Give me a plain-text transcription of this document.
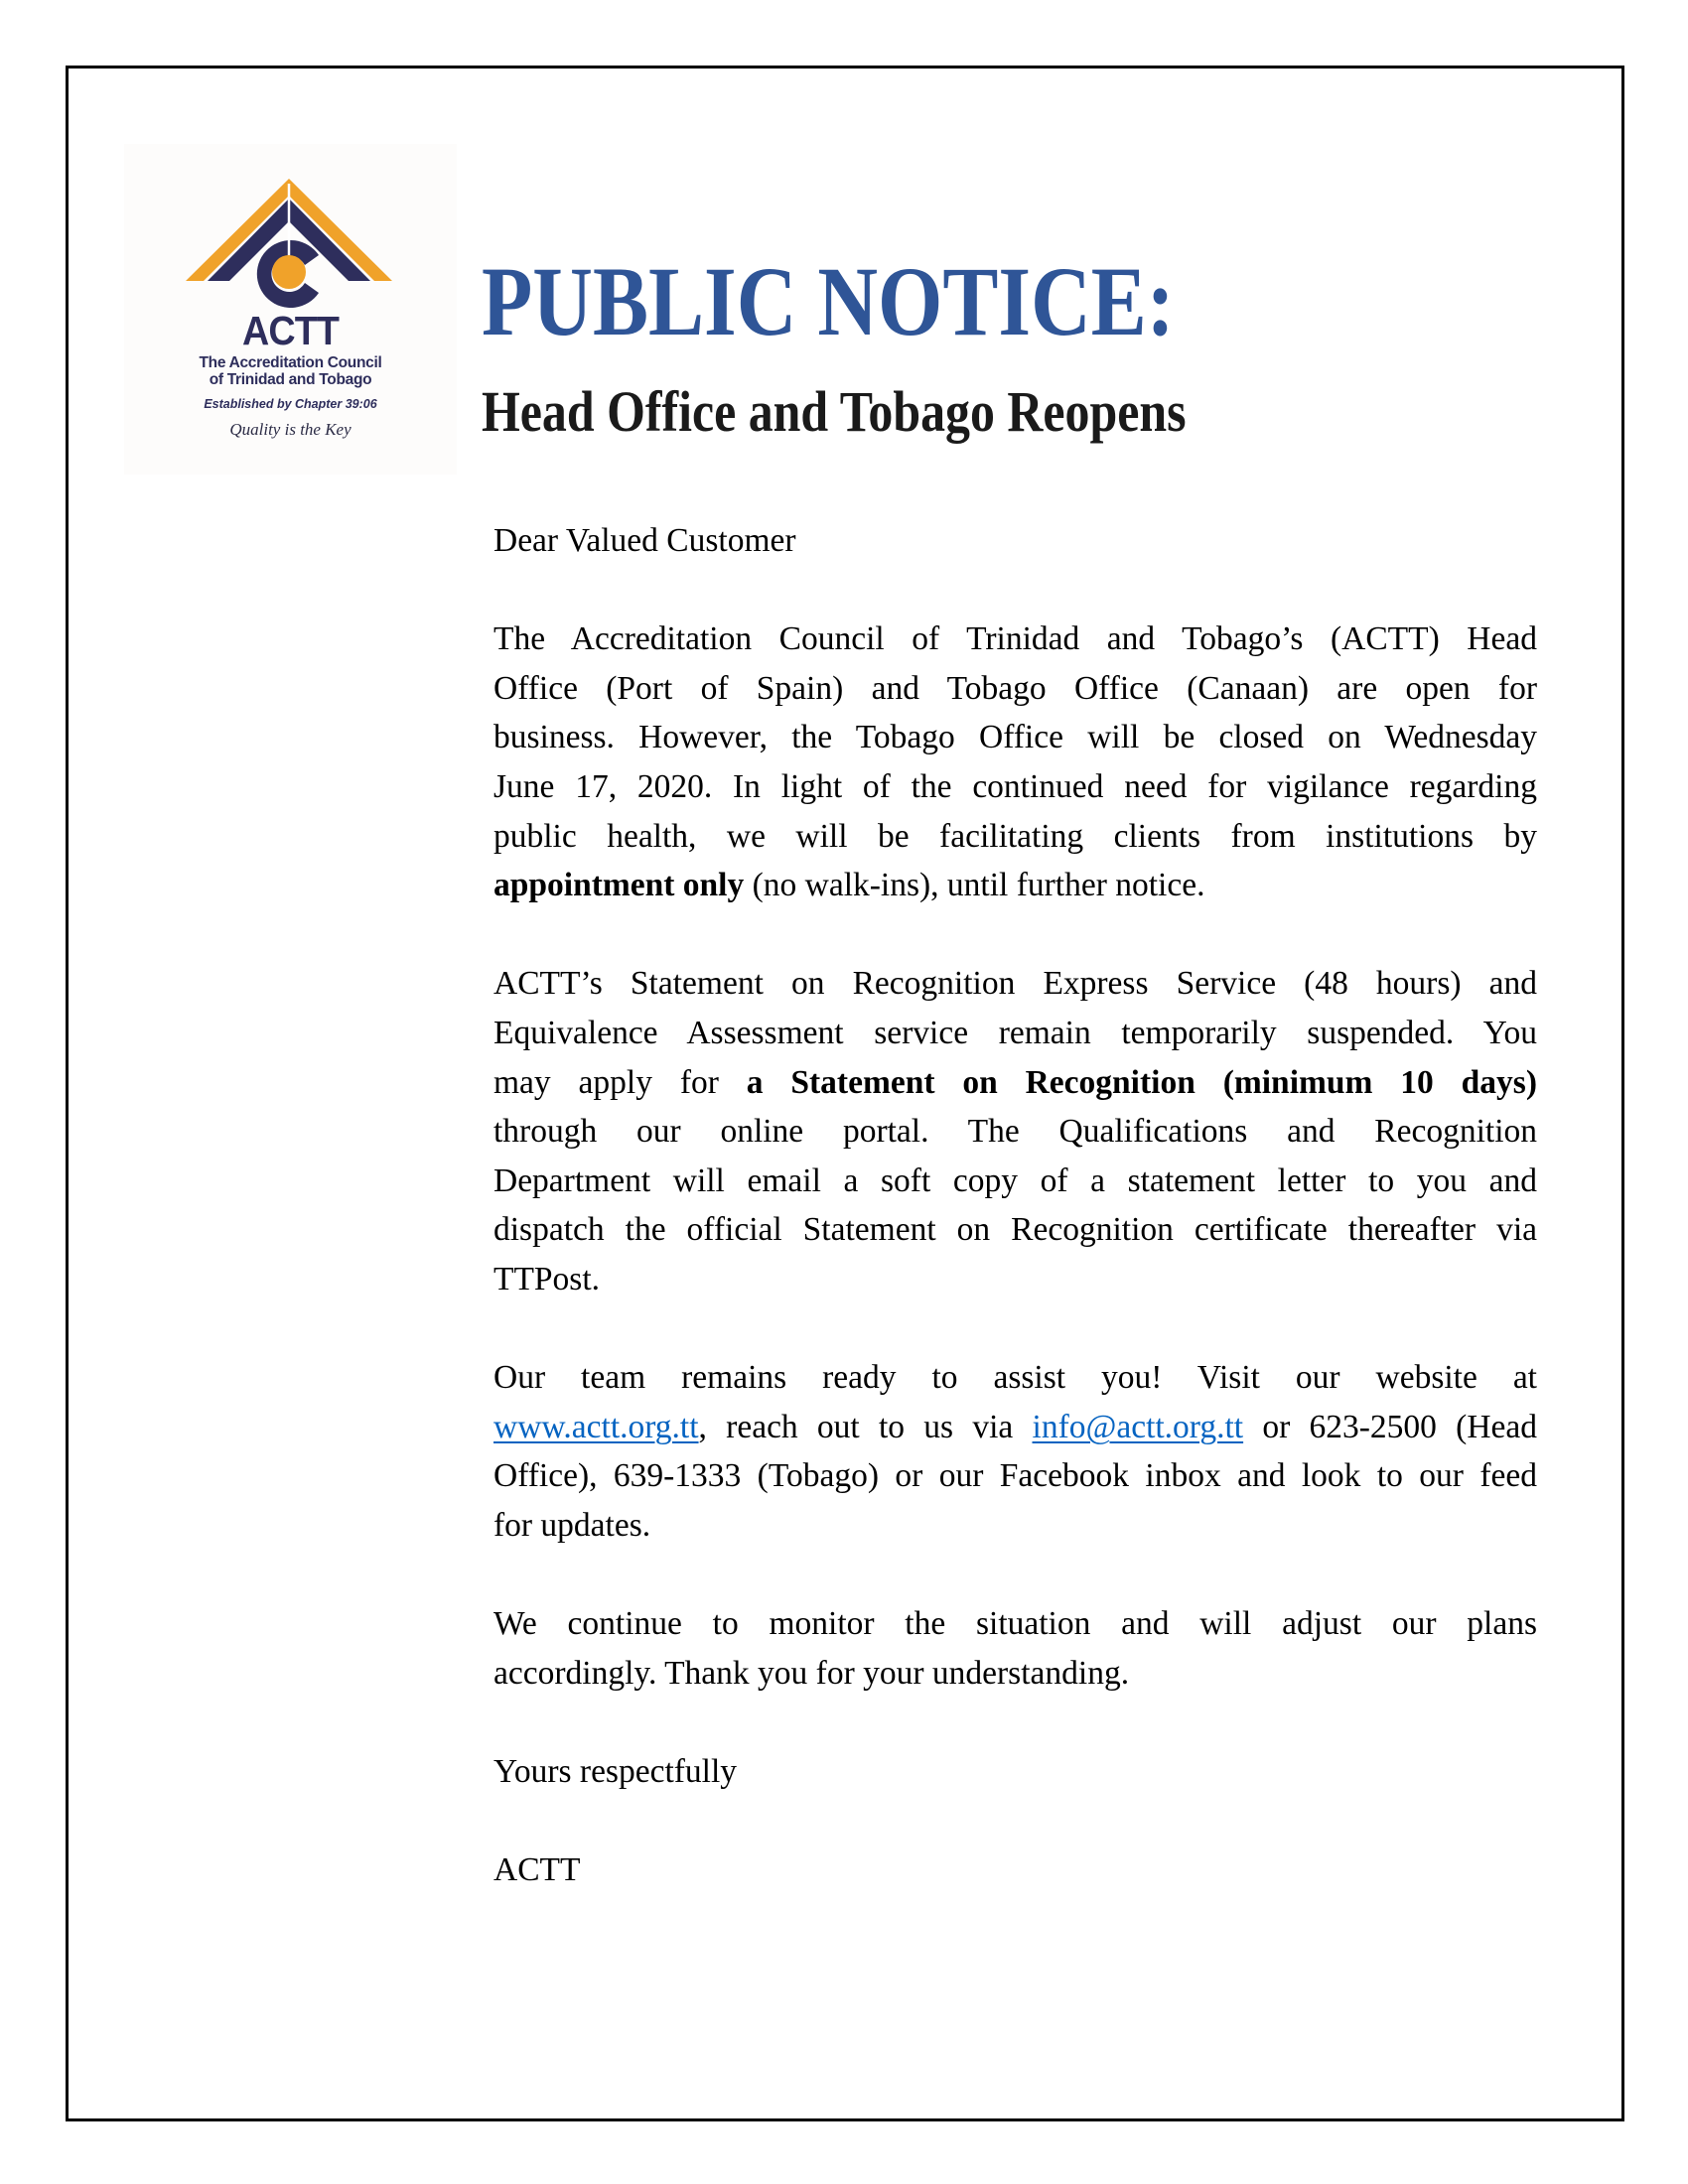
ACTT
The Accreditation Council
of Trinidad and Tobago
Established by Chapter 39:06
Quality is the Key
PUBLIC NOTICE:
Head Office and Tobago Reopens
Dear Valued Customer
The Accreditation Council of Trinidad and Tobago’s (ACTT) Head
Office (Port of Spain) and Tobago Office (Canaan) are open for
business. However, the Tobago Office will be closed on Wednesday
June 17, 2020. In light of the continued need for vigilance regarding
public health, we will be facilitating clients from institutions by
appointment only (no walk-ins), until further notice.
ACTT’s Statement on Recognition Express Service (48 hours) and
Equivalence Assessment service remain temporarily suspended. You
may apply for a Statement on Recognition (minimum 10 days)
through our online portal. The Qualifications and Recognition
Department will email a soft copy of a statement letter to you and
dispatch the official Statement on Recognition certificate thereafter via
TTPost.
Our team remains ready to assist you! Visit our website at
www.actt.org.tt, reach out to us via info@actt.org.tt or 623-2500 (Head
Office), 639-1333 (Tobago) or our Facebook inbox and look to our feed
for updates.
We continue to monitor the situation and will adjust our plans
accordingly. Thank you for your understanding.
Yours respectfully
ACTT
